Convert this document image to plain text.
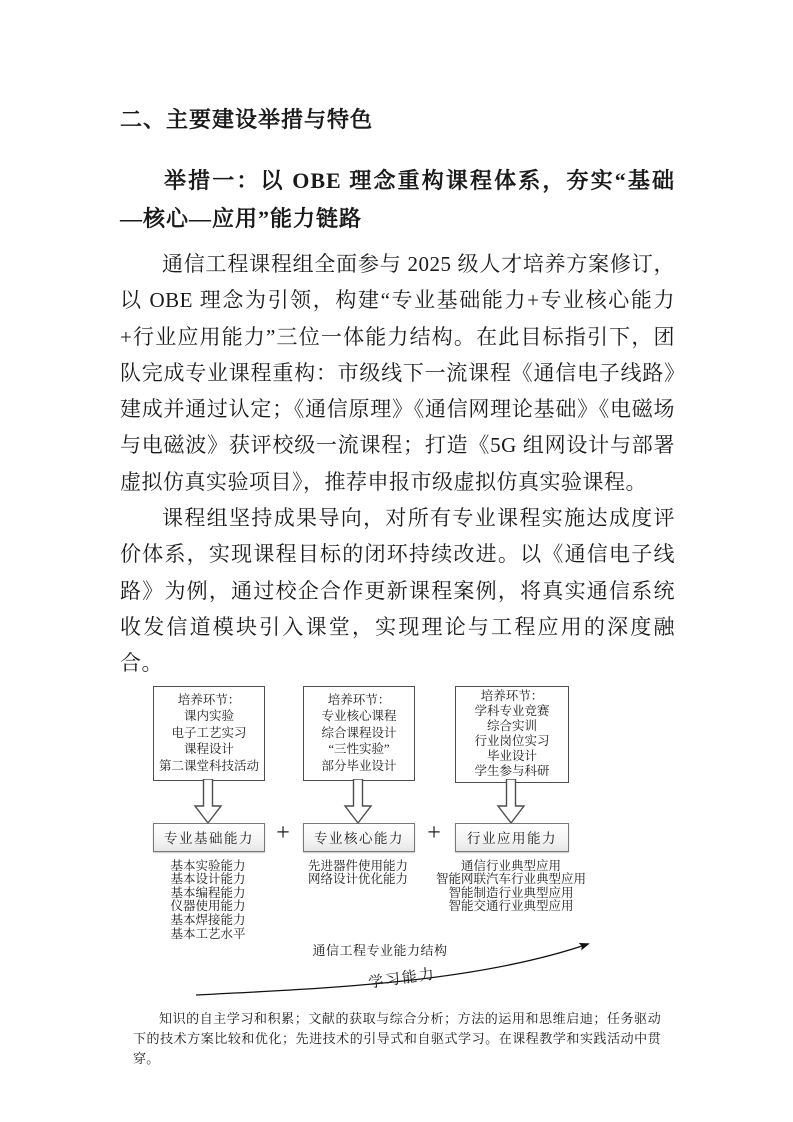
二、主要建设举措与特色
举措一：以 OBE 理念重构课程体系，夯实“基础—核心—应用”能力链路

通信工程课程组全面参与 2025 级人才培养方案修订，以 OBE 理念为引领，构建“专业基础能力+专业核心能力+行业应用能力”三位一体能力结构。在此目标指引下，团队完成专业课程重构：市级线下一流课程《通信电子线路》建成并通过认定；《通信原理》《通信网理论基础》《电磁场与电磁波》获评校级一流课程；打造《5G 组网设计与部署虚拟仿真实验项目》，推荐申报市级虚拟仿真实验课程。

课程组坚持成果导向，对所有专业课程实施达成度评价体系，实现课程目标的闭环持续改进。以《通信电子线路》为例，通过校企合作更新课程案例，将真实通信系统收发信道模块引入课堂，实现理论与工程应用的深度融合。

培养环节：
课内实验
电子工艺实习
课程设计
第二课堂科技活动
培养环节：
专业核心课程
综合课程设计
“三性实验”
部分毕业设计
培养环节：
学科专业竞赛
综合实训
行业岗位实习
毕业设计
学生参与科研
专业基础能力 +	专业核心能力 +	行业应用能力
基本实验能力
基本设计能力
基本编程能力
仪器使用能力
基本焊接能力
基本工艺水平
先进器件使用能力
网络设计优化能力
通信行业典型应用
智能网联汽车行业典型应用
智能制造行业典型应用
智能交通行业典型应用
通信工程专业能力结构
学习能力

知识的自主学习和积累；文献的获取与综合分析；方法的运用和思维启迪；任务驱动下的技术方案比较和优化；先进技术的引导式和自驱式学习。在课程教学和实践活动中贯穿。
